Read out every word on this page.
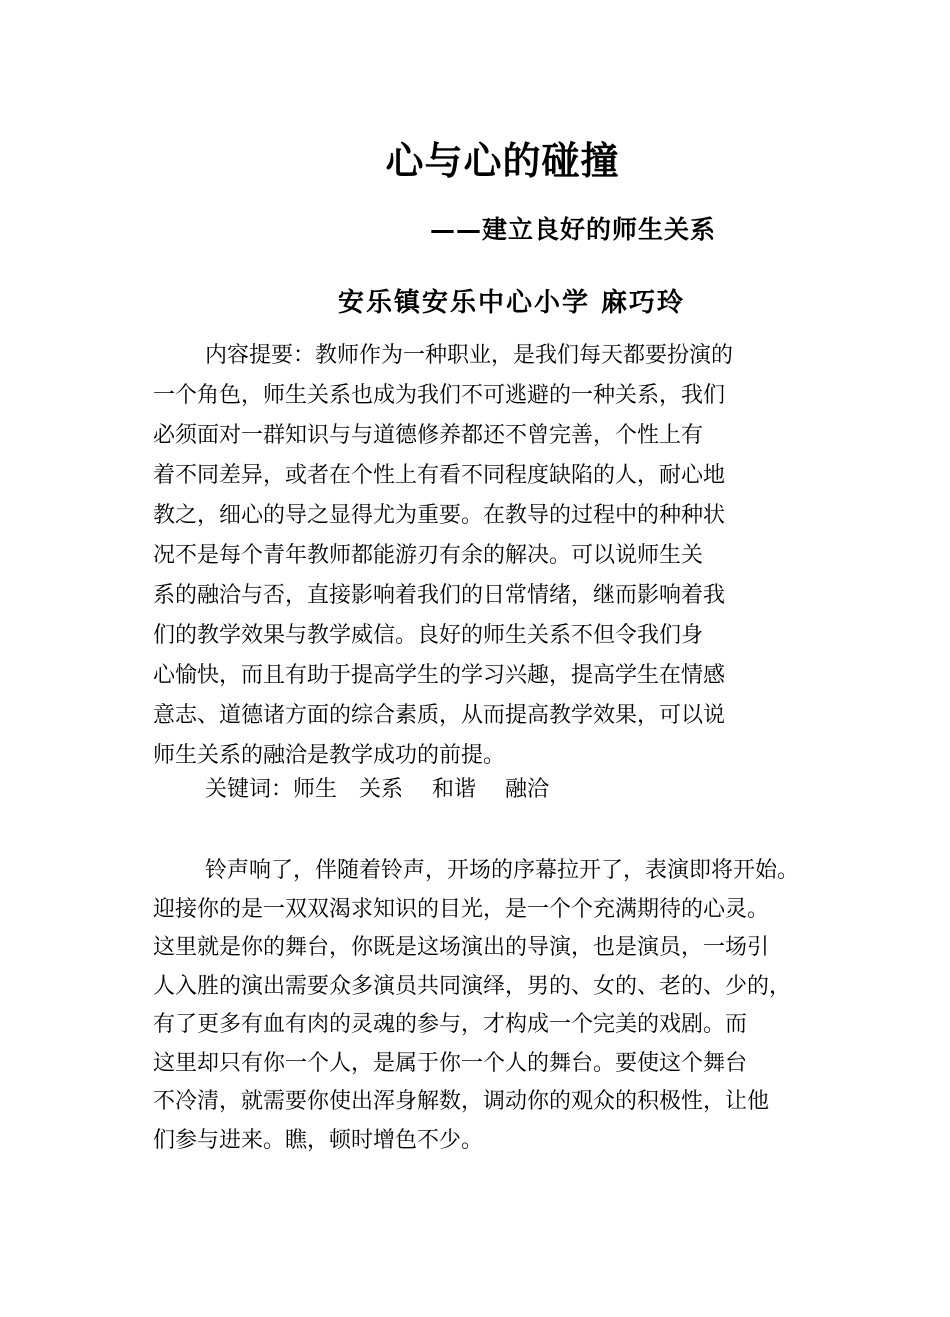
心与心的碰撞
——建立良好的师生关系
安乐镇安乐中心小学 麻巧玲
内容提要：教师作为一种职业，是我们每天都要扮演的
一个角色，师生关系也成为我们不可逃避的一种关系，我们
必须面对一群知识与与道德修养都还不曾完善，个性上有
着不同差异，或者在个性上有看不同程度缺陷的人，耐心地
教之，细心的导之显得尤为重要。在教导的过程中的种种状
况不是每个青年教师都能游刃有余的解决。可以说师生关
系的融洽与否，直接影响着我们的日常情绪，继而影响着我
们的教学效果与教学威信。良好的师生关系不但令我们身
心愉快，而且有助于提高学生的学习兴趣，提高学生在情感
意志、道德诸方面的综合素质，从而提高教学效果，可以说
师生关系的融洽是教学成功的前提。
关键词：师生　关系　 和谐　 融洽
铃声响了，伴随着铃声，开场的序幕拉开了，表演即将开始。
迎接你的是一双双渴求知识的目光，是一个个充满期待的心灵。
这里就是你的舞台，你既是这场演出的导演，也是演员，一场引
人入胜的演出需要众多演员共同演绎，男的、女的、老的、少的，
有了更多有血有肉的灵魂的参与，才构成一个完美的戏剧。而
这里却只有你一个人，是属于你一个人的舞台。要使这个舞台
不冷清，就需要你使出浑身解数，调动你的观众的积极性，让他
们参与进来。瞧，顿时增色不少。
